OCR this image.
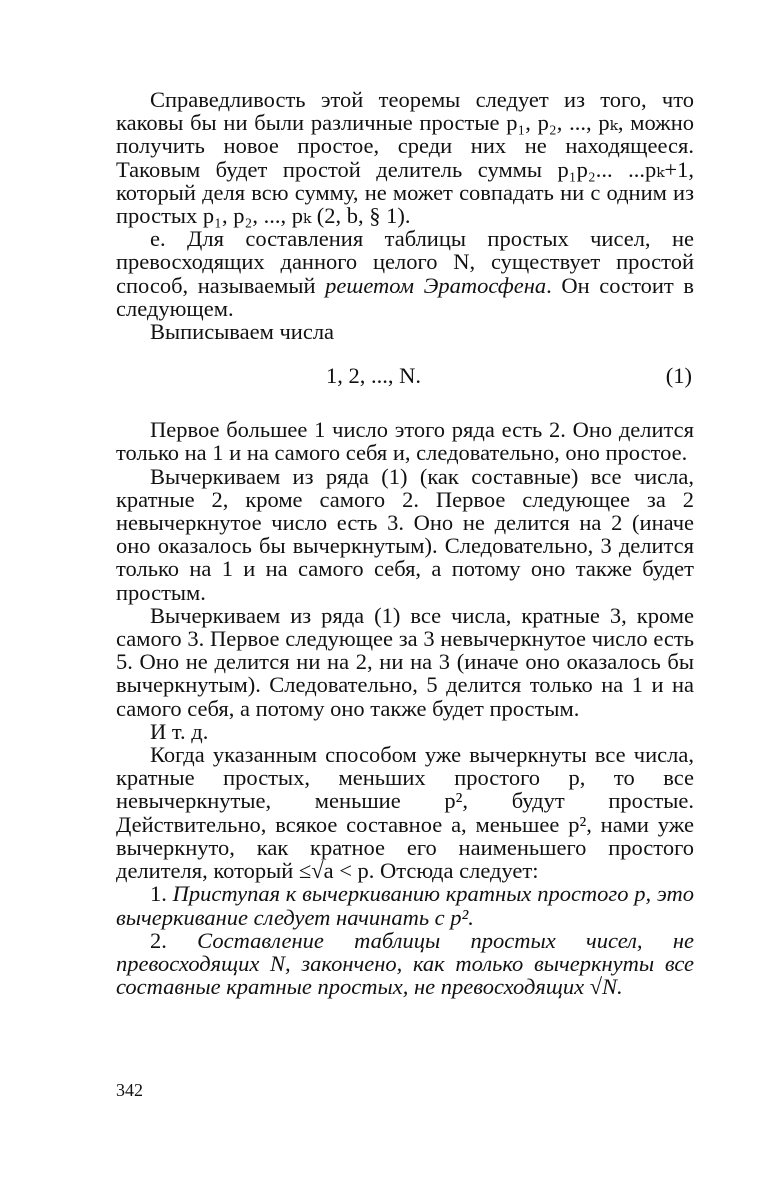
Справедливость этой теоремы следует из того, что каковы бы ни были различные простые p₁, p₂, ..., pₖ, можно получить новое простое, среди них не находящееся. Таковым будет простой делитель суммы p₁p₂... ...pₖ+1, который деля всю сумму, не может совпадать ни с одним из простых p₁, p₂, ..., pₖ (2, b, § 1).

е. Для составления таблицы простых чисел, не превосходящих данного целого N, существует простой способ, называемый решетом Эратосфена. Он состоит в следующем.

Выписываем числа

1, 2, ..., N.	(1)

Первое большее 1 число этого ряда есть 2. Оно делится только на 1 и на самого себя и, следовательно, оно простое.

Вычеркиваем из ряда (1) (как составные) все числа, кратные 2, кроме самого 2. Первое следующее за 2 невычеркнутое число есть 3. Оно не делится на 2 (иначе оно оказалось бы вычеркнутым). Следовательно, 3 делится только на 1 и на самого себя, а потому оно также будет простым.

Вычеркиваем из ряда (1) все числа, кратные 3, кроме самого 3. Первое следующее за 3 невычеркнутое число есть 5. Оно не делится ни на 2, ни на 3 (иначе оно оказалось бы вычеркнутым). Следовательно, 5 делится только на 1 и на самого себя, а потому оно также будет простым.

И т. д.

Когда указанным способом уже вычеркнуты все числа, кратные простых, меньших простого p, то все невычеркнутые, меньшие p², будут простые. Действительно, всякое составное a, меньшее p², нами уже вычеркнуто, как кратное его наименьшего простого делителя, который ≤√a < p. Отсюда следует:

1. Приступая к вычеркиванию кратных простого p, это вычеркивание следует начинать с p².

2. Составление таблицы простых чисел, не превосходящих N, закончено, как только вычеркнуты все составные кратные простых, не превосходящих √N.

342
